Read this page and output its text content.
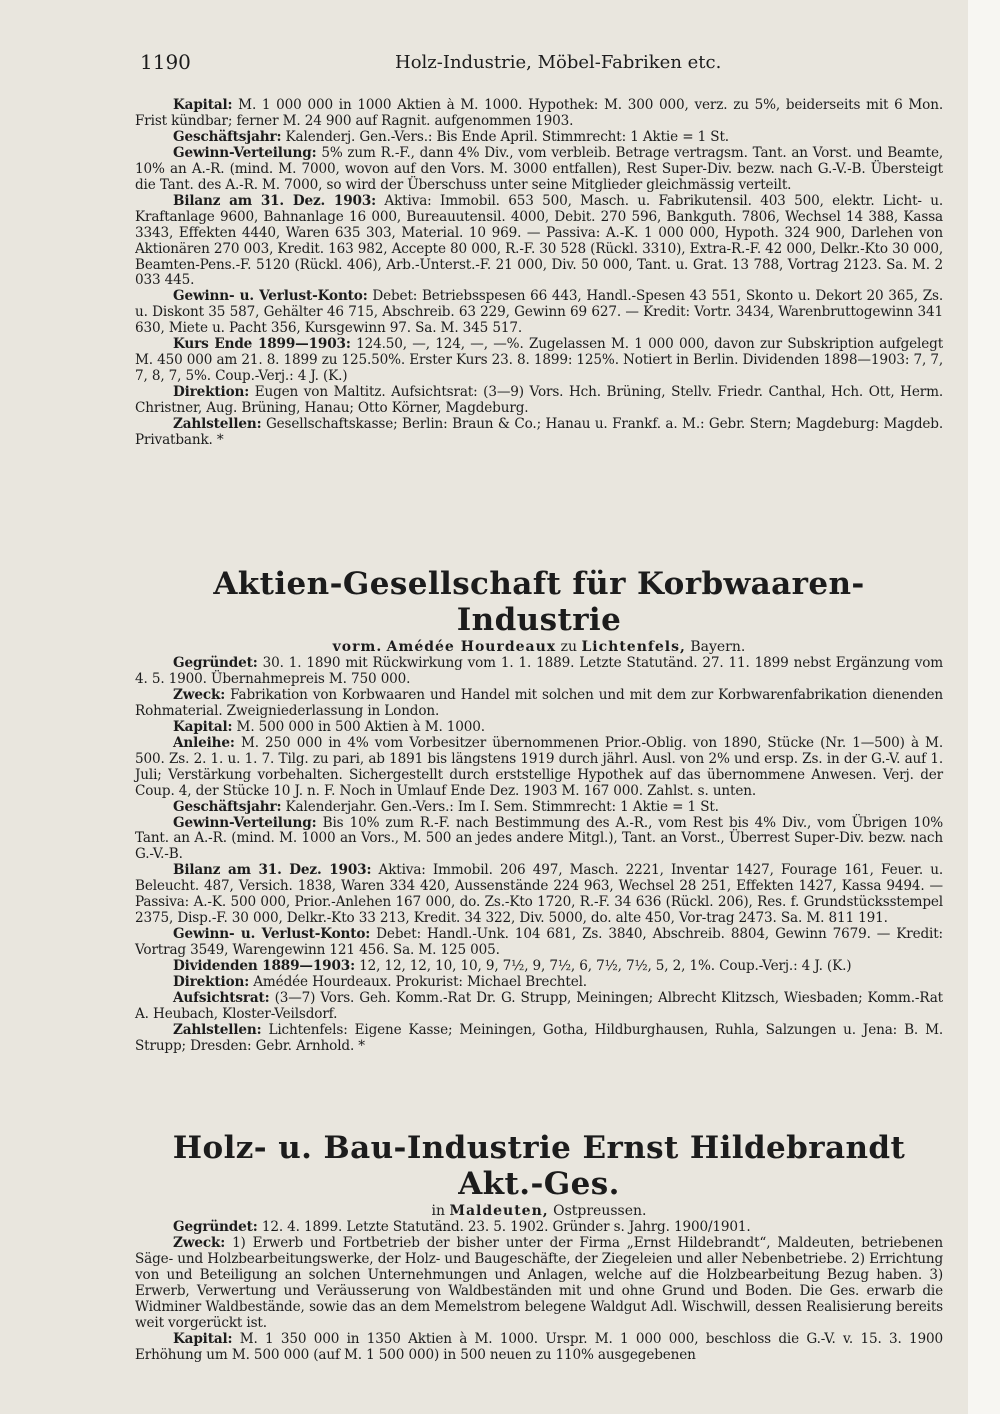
1190	Holz-Industrie, Möbel-Fabriken etc.

Kapital: M. 1 000 000 in 1000 Aktien à M. 1000. Hypothek: M. 300 000, verz. zu 5%, beiderseits mit 6 Mon. Frist kündbar; ferner M. 24 900 auf Ragnit. aufgenommen 1903.

Geschäftsjahr: Kalenderj. Gen.-Vers.: Bis Ende April. Stimmrecht: 1 Aktie = 1 St.

Gewinn-Verteilung: 5% zum R.-F., dann 4% Div., vom verbleib. Betrage vertragsm. Tant. an Vorst. und Beamte, 10% an A.-R. (mind. M. 7000, wovon auf den Vors. M. 3000 entfallen), Rest Super-Div. bezw. nach G.-V.-B. Übersteigt die Tant. des A.-R. M. 7000, so wird der Überschuss unter seine Mitglieder gleichmässig verteilt.

Bilanz am 31. Dez. 1903: Aktiva: Immobil. 653 500, Masch. u. Fabrikutensil. 403 500, elektr. Licht- u. Kraftanlage 9600, Bahnanlage 16 000, Bureauutensil. 4000, Debit. 270 596, Bankguth. 7806, Wechsel 14 388, Kassa 3343, Effekten 4440, Waren 635 303, Material. 10 969. — Passiva: A.-K. 1 000 000, Hypoth. 324 900, Darlehen von Aktionären 270 003, Kredit. 163 982, Accepte 80 000, R.-F. 30 528 (Rückl. 3310), Extra-R.-F. 42 000, Delkr.-Kto 30 000, Beamten-Pens.-F. 5120 (Rückl. 406), Arb.-Unterst.-F. 21 000, Div. 50 000, Tant. u. Grat. 13 788, Vortrag 2123. Sa. M. 2 033 445.

Gewinn- u. Verlust-Konto: Debet: Betriebsspesen 66 443, Handl.-Spesen 43 551, Skonto u. Dekort 20 365, Zs. u. Diskont 35 587, Gehälter 46 715, Abschreib. 63 229, Gewinn 69 627. — Kredit: Vortr. 3434, Warenbruttogewinn 341 630, Miete u. Pacht 356, Kursgewinn 97. Sa. M. 345 517.

Kurs Ende 1899—1903: 124.50, —, 124, —, —%. Zugelassen M. 1 000 000, davon zur Subskription aufgelegt M. 450 000 am 21. 8. 1899 zu 125.50%. Erster Kurs 23. 8. 1899: 125%. Notiert in Berlin. Dividenden 1898—1903: 7, 7, 7, 8, 7, 5%. Coup.-Verj.: 4 J. (K.)

Direktion: Eugen von Maltitz. Aufsichtsrat: (3—9) Vors. Hch. Brüning, Stellv. Friedr. Canthal, Hch. Ott, Herm. Christner, Aug. Brüning, Hanau; Otto Körner, Magdeburg.

Zahlstellen: Gesellschaftskasse; Berlin: Braun & Co.; Hanau u. Frankf. a. M.: Gebr. Stern; Magdeburg: Magdeb. Privatbank. *

Aktien-Gesellschaft für Korbwaaren-Industrie

vorm. Amédée Hourdeaux zu Lichtenfels, Bayern.

Gegründet: 30. 1. 1890 mit Rückwirkung vom 1. 1. 1889. Letzte Statutänd. 27. 11. 1899 nebst Ergänzung vom 4. 5. 1900. Übernahmepreis M. 750 000.

Zweck: Fabrikation von Korbwaaren und Handel mit solchen und mit dem zur Korbwarenfabrikation dienenden Rohmaterial. Zweigniederlassung in London.

Kapital: M. 500 000 in 500 Aktien à M. 1000.

Anleihe: M. 250 000 in 4% vom Vorbesitzer übernommenen Prior.-Oblig. von 1890, Stücke (Nr. 1—500) à M. 500. Zs. 2. 1. u. 1. 7. Tilg. zu pari, ab 1891 bis längstens 1919 durch jährl. Ausl. von 2% und ersp. Zs. in der G.-V. auf 1. Juli; Verstärkung vorbehalten. Sichergestellt durch erststellige Hypothek auf das übernommene Anwesen. Verj. der Coup. 4, der Stücke 10 J. n. F. Noch in Umlauf Ende Dez. 1903 M. 167 000. Zahlst. s. unten.

Geschäftsjahr: Kalenderjahr. Gen.-Vers.: Im I. Sem. Stimmrecht: 1 Aktie = 1 St.

Gewinn-Verteilung: Bis 10% zum R.-F. nach Bestimmung des A.-R., vom Rest bis 4% Div., vom Übrigen 10% Tant. an A.-R. (mind. M. 1000 an Vors., M. 500 an jedes andere Mitgl.), Tant. an Vorst., Überrest Super-Div. bezw. nach G.-V.-B.

Bilanz am 31. Dez. 1903: Aktiva: Immobil. 206 497, Masch. 2221, Inventar 1427, Fourage 161, Feuer. u. Beleucht. 487, Versich. 1838, Waren 334 420, Aussenstände 224 963, Wechsel 28 251, Effekten 1427, Kassa 9494. — Passiva: A.-K. 500 000, Prior.-Anlehen 167 000, do. Zs.-Kto 1720, R.-F. 34 636 (Rückl. 206), Res. f. Grundstücksstempel 2375, Disp.-F. 30 000, Delkr.-Kto 33 213, Kredit. 34 322, Div. 5000, do. alte 450, Vor-trag 2473. Sa. M. 811 191.

Gewinn- u. Verlust-Konto: Debet: Handl.-Unk. 104 681, Zs. 3840, Abschreib. 8804, Gewinn 7679. — Kredit: Vortrag 3549, Warengewinn 121 456. Sa. M. 125 005.

Dividenden 1889—1903: 12, 12, 12, 10, 10, 9, 7½, 9, 7½, 6, 7½, 7½, 5, 2, 1%. Coup.-Verj.: 4 J. (K.)

Direktion: Amédée Hourdeaux. Prokurist: Michael Brechtel.

Aufsichtsrat: (3—7) Vors. Geh. Komm.-Rat Dr. G. Strupp, Meiningen; Albrecht Klitzsch, Wiesbaden; Komm.-Rat A. Heubach, Kloster-Veilsdorf.

Zahlstellen: Lichtenfels: Eigene Kasse; Meiningen, Gotha, Hildburghausen, Ruhla, Salzungen u. Jena: B. M. Strupp; Dresden: Gebr. Arnhold. *

Holz- u. Bau-Industrie Ernst Hildebrandt Akt.-Ges.

in Maldeuten, Ostpreussen.

Gegründet: 12. 4. 1899. Letzte Statutänd. 23. 5. 1902. Gründer s. Jahrg. 1900/1901.

Zweck: 1) Erwerb und Fortbetrieb der bisher unter der Firma „Ernst Hildebrandt“, Maldeuten, betriebenen Säge- und Holzbearbeitungswerke, der Holz- und Baugeschäfte, der Ziegeleien und aller Nebenbetriebe. 2) Errichtung von und Beteiligung an solchen Unternehmungen und Anlagen, welche auf die Holzbearbeitung Bezug haben. 3) Erwerb, Verwertung und Veräusserung von Waldbeständen mit und ohne Grund und Boden. Die Ges. erwarb die Widminer Waldbestände, sowie das an dem Memelstrom belegene Waldgut Adl. Wischwill, dessen Realisierung bereits weit vorgerückt ist.

Kapital: M. 1 350 000 in 1350 Aktien à M. 1000. Urspr. M. 1 000 000, beschloss die G.-V. v. 15. 3. 1900 Erhöhung um M. 500 000 (auf M. 1 500 000) in 500 neuen zu 110% ausgegebenen
